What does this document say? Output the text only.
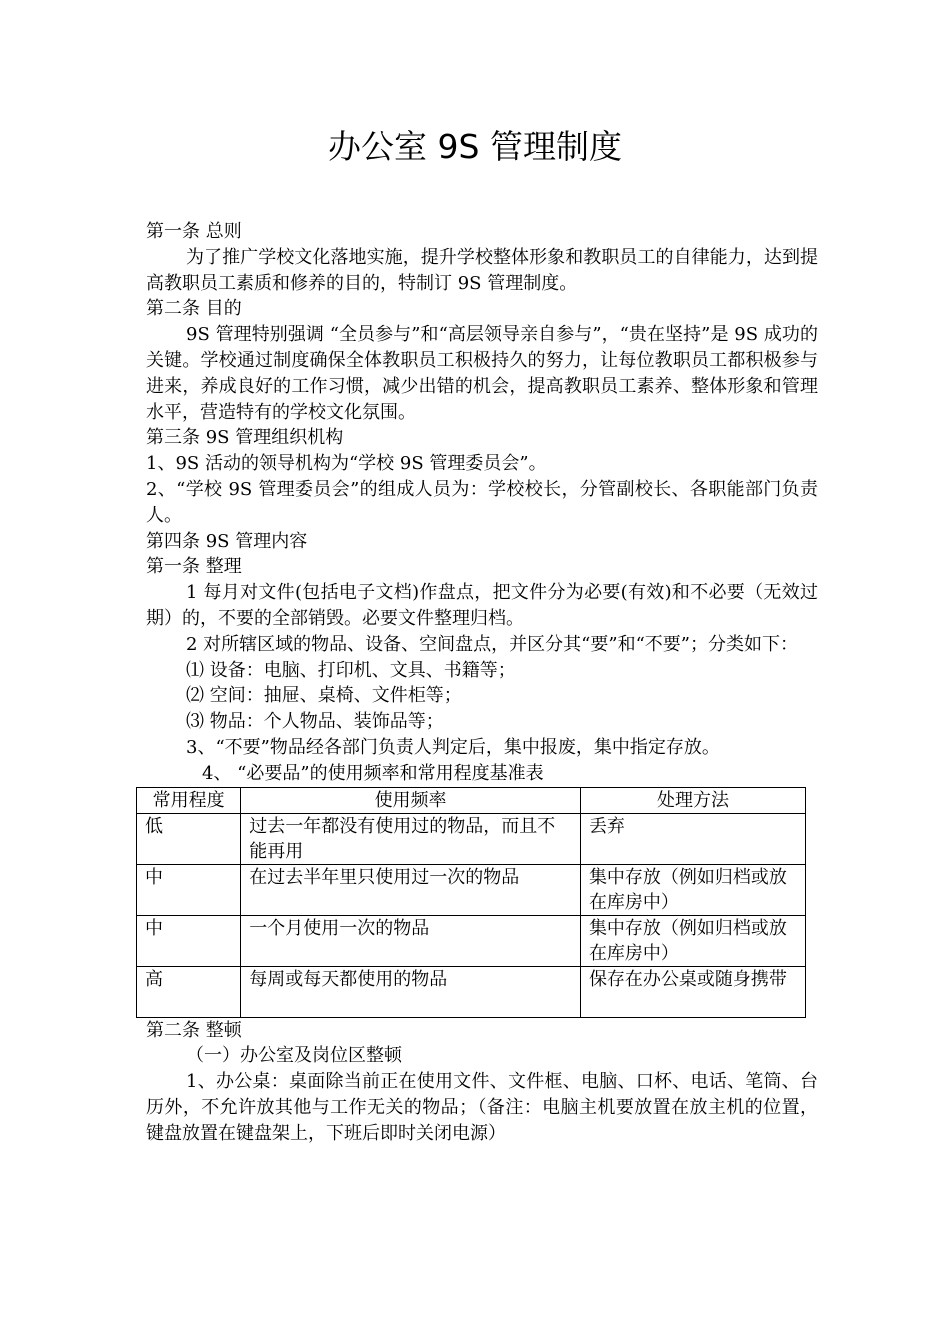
办公室 9S 管理制度

第一条 总则

为了推广学校文化落地实施，提升学校整体形象和教职员工的自律能力，达到提高教职员工素质和修养的目的，特制订 9S 管理制度。

第二条 目的

9S 管理特别强调 “全员参与”和“高层领导亲自参与”，“贵在坚持”是 9S 成功的关键。学校通过制度确保全体教职员工积极持久的努力，让每位教职员工都积极参与进来，养成良好的工作习惯，减少出错的机会，提高教职员工素养、整体形象和管理水平，营造特有的学校文化氛围。

第三条 9S 管理组织机构

1、9S 活动的领导机构为“学校 9S 管理委员会”。

2、“学校 9S 管理委员会”的组成人员为：学校校长，分管副校长、各职能部门负责人。

第四条 9S 管理内容

第一条 整理

1 每月对文件(包括电子文档)作盘点，把文件分为必要(有效)和不必要（无效过期）的，不要的全部销毁。必要文件整理归档。

2 对所辖区域的物品、设备、空间盘点，并区分其“要”和“不要”；分类如下：

⑴ 设备：电脑、打印机、文具、书籍等；

⑵ 空间：抽屉、桌椅、文件柜等；

⑶ 物品：个人物品、装饰品等；

3、“不要”物品经各部门负责人判定后，集中报废，集中指定存放。

4、 “必要品”的使用频率和常用程度基准表

常用程度	使用频率	处理方法
低	过去一年都没有使用过的物品，而且不能再用	丢弃
中	在过去半年里只使用过一次的物品	集中存放（例如归档或放在库房中）
中	一个月使用一次的物品	集中存放（例如归档或放在库房中）
高	每周或每天都使用的物品	保存在办公桌或随身携带

第二条 整顿

（一）办公室及岗位区整顿

1、办公桌：桌面除当前正在使用文件、文件框、电脑、口杯、电话、笔筒、台历外，不允许放其他与工作无关的物品；（备注：电脑主机要放置在放主机的位置，键盘放置在键盘架上，下班后即时关闭电源）
